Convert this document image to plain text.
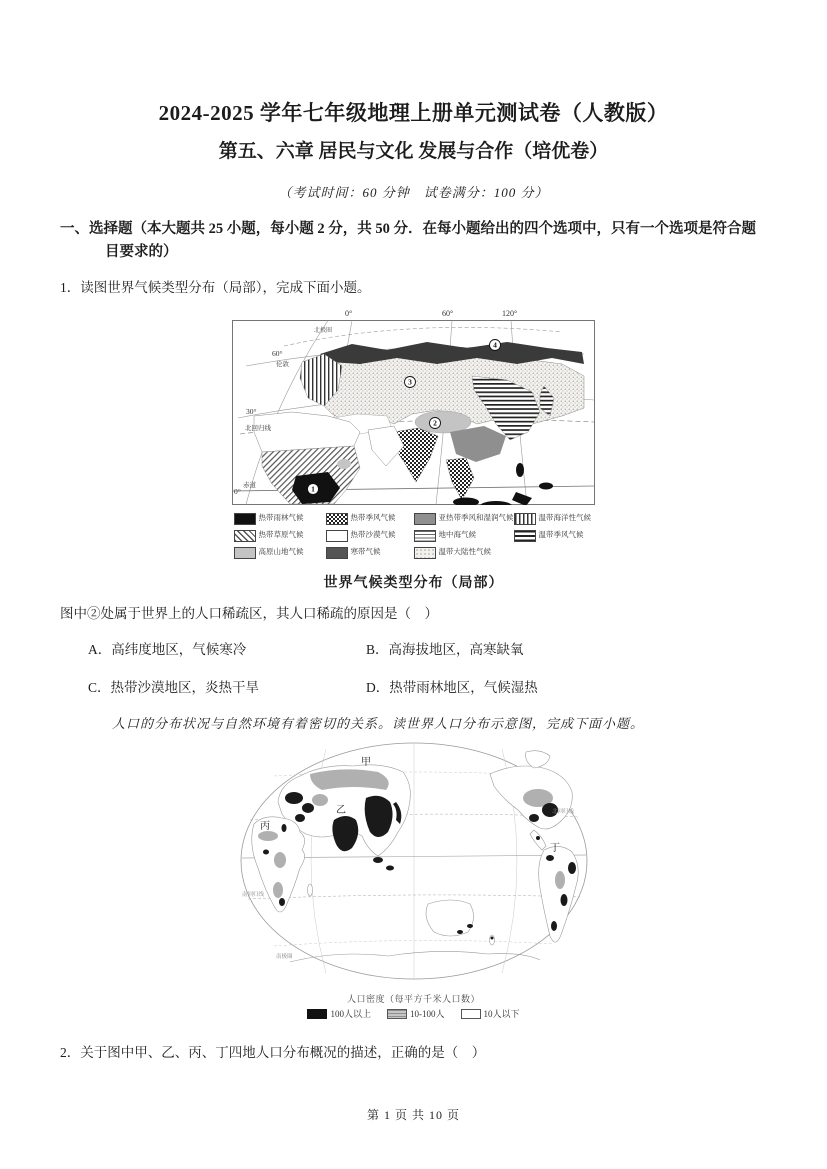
2024-2025 学年七年级地理上册单元测试卷（人教版）
第五、六章 居民与文化 发展与合作（培优卷）
（考试时间：60 分钟　试卷满分：100 分）
一、选择题（本大题共 25 小题，每小题 2 分，共 50 分．在每小题给出的四个选项中，只有一个选项是符合题目要求的）
1．读图世界气候类型分布（局部），完成下面小题。
1
2
3
4
0°	60°	120°
60°
30°
0°
北极圈
北回归线
赤道
伦敦
热带雨林气候	热带季风气候	亚热带季风和湿润气候	温带海洋性气候
热带草原气候	热带沙漠气候	地中海气候	温带季风气候
高原山地气候	寒带气候	温带大陆性气候
世界气候类型分布（局部）
图中②处属于世界上的人口稀疏区，其人口稀疏的原因是（　）
A．高纬度地区，气候寒冷	B．高海拔地区，高寒缺氧
C．热带沙漠地区，炎热干旱	D．热带雨林地区，气候湿热
人口的分布状况与自然环境有着密切的关系。读世界人口分布示意图，完成下面小题。
甲
乙
丙
丁
北回归线
南回归线
南极圈
人口密度（每平方千米人口数）
100人以上	10-100人	10人以下
2．关于图中甲、乙、丙、丁四地人口分布概况的描述，正确的是（　）
第 1 页 共 10 页
